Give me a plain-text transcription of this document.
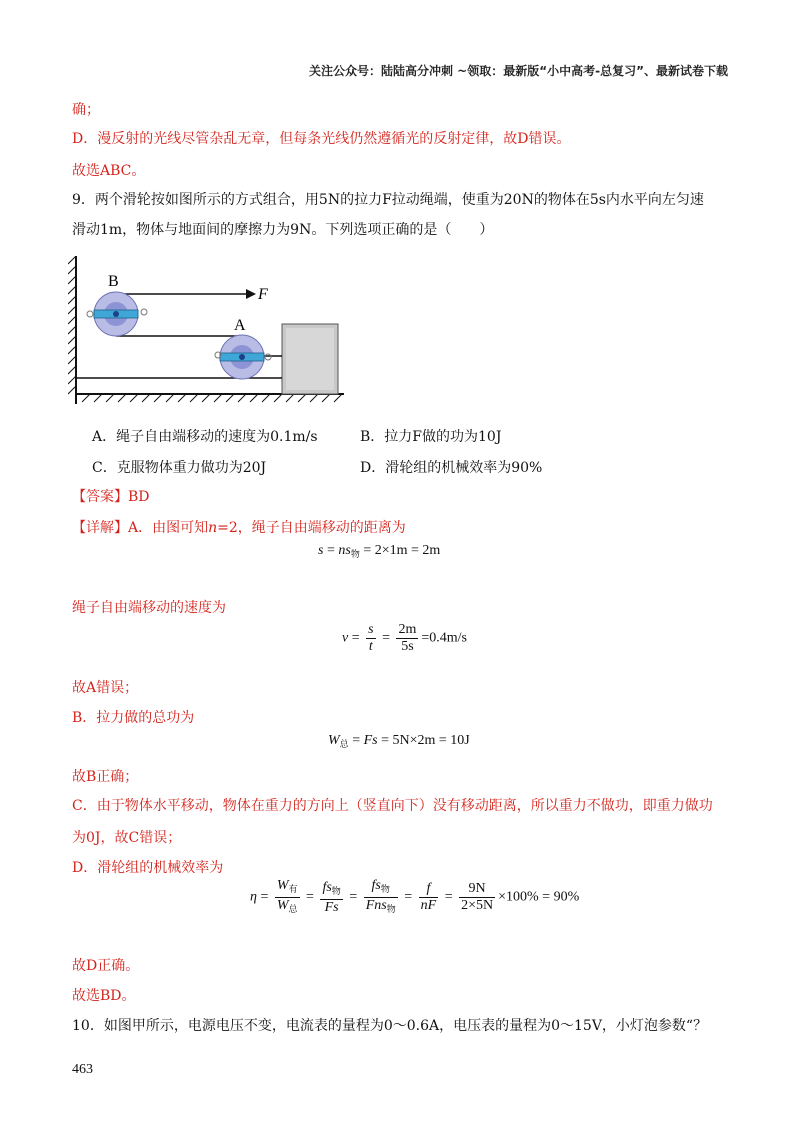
关注公众号：陆陆高分冲刺 ~领取：最新版“小中高考-总复习”、最新试卷下载
确；
D．漫反射的光线尽管杂乱无章，但每条光线仍然遵循光的反射定律，故D错误。
故选ABC。
9．两个滑轮按如图所示的方式组合，用5N的拉力F拉动绳端，使重为20N的物体在5s内水平向左匀速
滑动1m，物体与地面间的摩擦力为9N。下列选项正确的是（　　）
B
A
F
A．绳子自由端移动的速度为0.1m/s	B．拉力F做的功为10J
C．克服物体重力做功为20J	D．滑轮组的机械效率为90%
【答案】BD
【详解】A．由图可知n=2，绳子自由端移动的距离为
$s = ns_物 = 2\times 1m = 2m$
绳子自由端移动的速度为
$v = \frac{s}{t} = \frac{2m}{5s} =0.4m/s$
故A错误；
B．拉力做的总功为
$W_总 = Fs = 5N\times 2m = 10J$
故B正确；
C．由于物体水平移动，物体在重力的方向上（竖直向下）没有移动距离，所以重力不做功，即重力做功
为0J，故C错误；
D．滑轮组的机械效率为
$\eta = \frac{W_有}{W_总} = \frac{fs_物}{Fs} = \frac{fs_物}{Fns_物} = \frac{f}{nF} = \frac{9N}{2\times 5N} \times 100\% = 90\%$
故D正确。
故选BD。
10．如图甲所示，电源电压不变，电流表的量程为0～0.6A，电压表的量程为0～15V，小灯泡参数“？
463
